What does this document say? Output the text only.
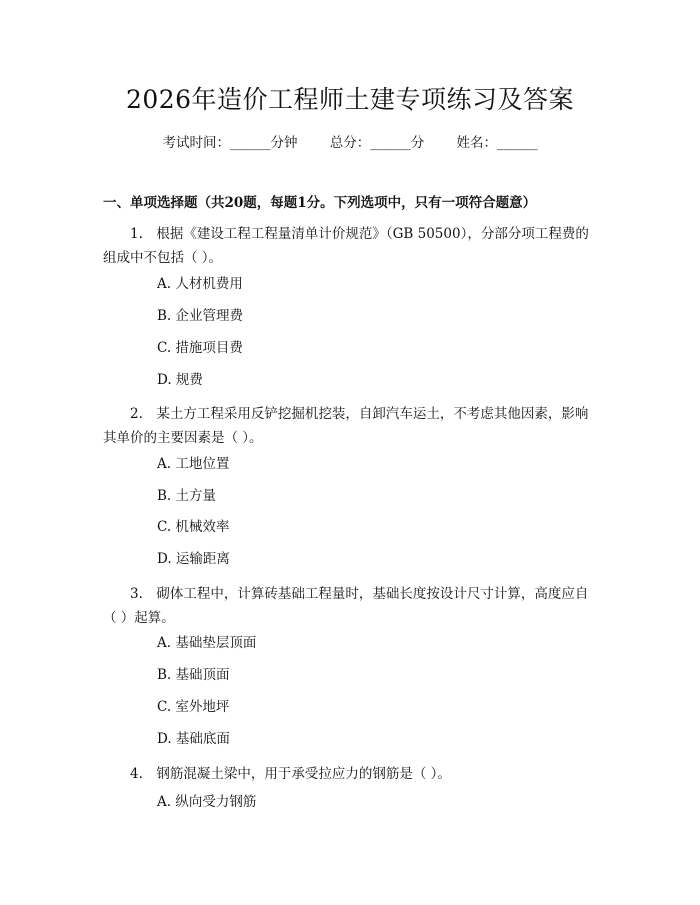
2026年造价工程师土建专项练习及答案
考试时间：______分钟 总分：______分 姓名：______
一、单项选择题（共20题，每题1分。下列选项中，只有一项符合题意）
1.　根据《建设工程工程量清单计价规范》（GB 50500），分部分项工程费的组成中不包括（ ）。
A. 人材机费用
B. 企业管理费
C. 措施项目费
D. 规费
2.　某土方工程采用反铲挖掘机挖装，自卸汽车运土，不考虑其他因素，影响其单价的主要因素是（ ）。
A. 工地位置
B. 土方量
C. 机械效率
D. 运输距离
3.　砌体工程中，计算砖基础工程量时，基础长度按设计尺寸计算，高度应自（ ）起算。
A. 基础垫层顶面
B. 基础顶面
C. 室外地坪
D. 基础底面
4.　钢筋混凝土梁中，用于承受拉应力的钢筋是（ ）。
A. 纵向受力钢筋
